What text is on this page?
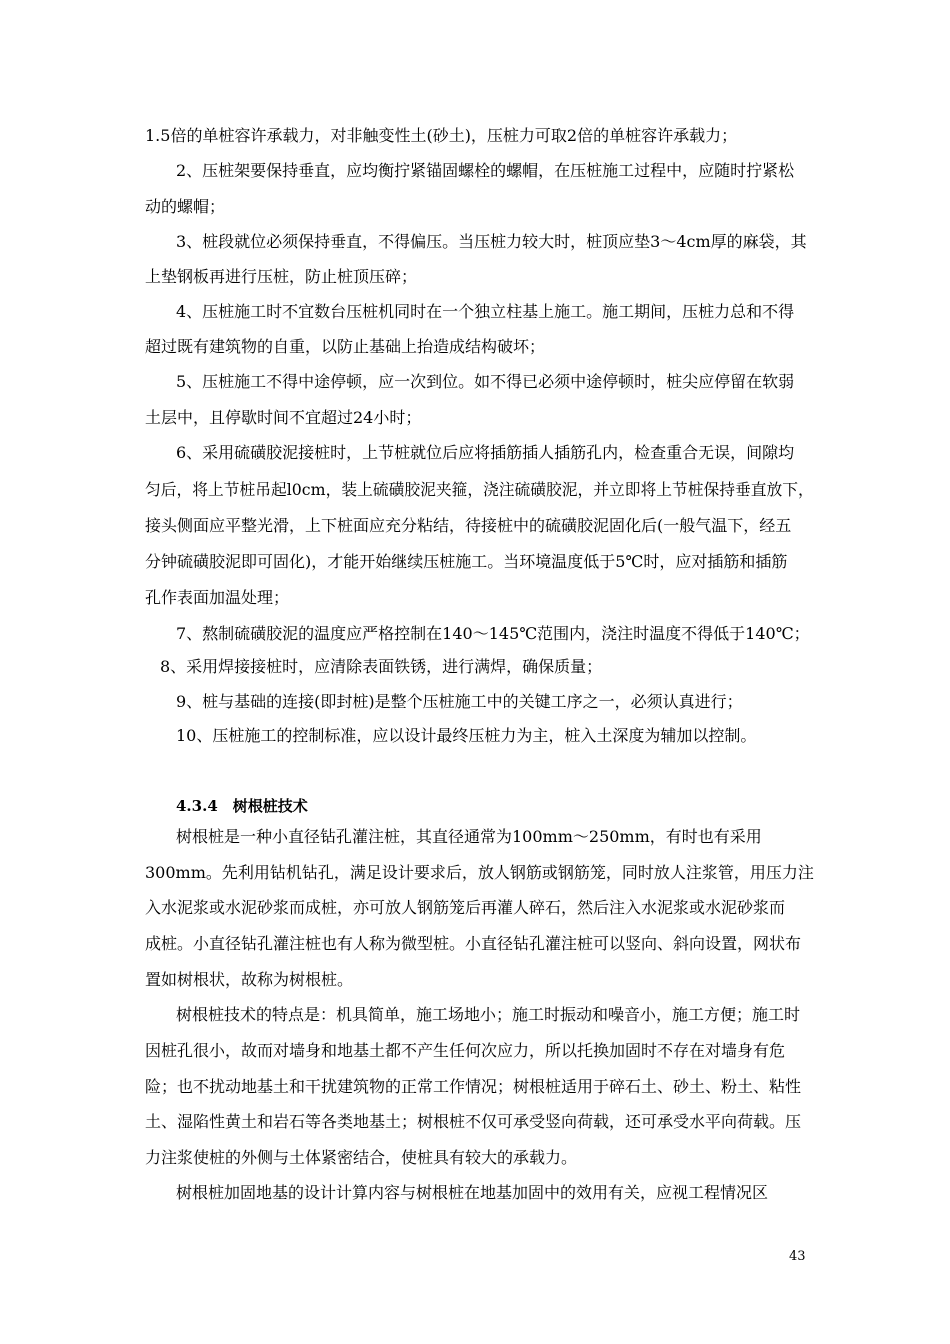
1.5倍的单桩容许承载力，对非触变性土(砂土)，压桩力可取2倍的单桩容许承载力；
2、压桩架要保持垂直，应均衡拧紧锚固螺栓的螺帽，在压桩施工过程中，应随时拧紧松
动的螺帽；
3、桩段就位必须保持垂直，不得偏压。当压桩力较大时，桩顶应垫3～4cm厚的麻袋，其
上垫钢板再进行压桩，防止桩顶压碎；
4、压桩施工时不宜数台压桩机同时在一个独立柱基上施工。施工期间，压桩力总和不得
超过既有建筑物的自重，以防止基础上抬造成结构破坏；
5、压桩施工不得中途停顿，应一次到位。如不得已必须中途停顿时，桩尖应停留在软弱
土层中，且停歇时间不宜超过24小时；
6、采用硫磺胶泥接桩时，上节桩就位后应将插筋插人插筋孔内，检查重合无误，间隙均
匀后，将上节桩吊起l0cm，装上硫磺胶泥夹箍，浇注硫磺胶泥，并立即将上节桩保持垂直放下，
接头侧面应平整光滑，上下桩面应充分粘结，待接桩中的硫磺胶泥固化后(一般气温下，经五
分钟硫磺胶泥即可固化)，才能开始继续压桩施工。当环境温度低于5℃时，应对插筋和插筋
孔作表面加温处理；
7、熬制硫磺胶泥的温度应严格控制在140～145℃范围内，浇注时温度不得低于140℃；
8、采用焊接接桩时，应清除表面铁锈，进行满焊，确保质量；
9、桩与基础的连接(即封桩)是整个压桩施工中的关键工序之一，必须认真进行；
10、压桩施工的控制标准，应以设计最终压桩力为主，桩入土深度为辅加以控制。
4.3.4　树根桩技术
树根桩是一种小直径钻孔灌注桩，其直径通常为100mm～250mm，有时也有采用
300mm。先利用钻机钻孔，满足设计要求后，放人钢筋或钢筋笼，同时放人注浆管，用压力注
入水泥浆或水泥砂浆而成桩，亦可放人钢筋笼后再灌人碎石，然后注入水泥浆或水泥砂浆而
成桩。小直径钻孔灌注桩也有人称为微型桩。小直径钻孔灌注桩可以竖向、斜向设置，网状布
置如树根状，故称为树根桩。
树根桩技术的特点是：机具简单，施工场地小；施工时振动和噪音小，施工方便；施工时
因桩孔很小，故而对墙身和地基土都不产生任何次应力，所以托换加固时不存在对墙身有危
险；也不扰动地基土和干扰建筑物的正常工作情况；树根桩适用于碎石土、砂土、粉土、粘性
土、湿陷性黄土和岩石等各类地基土；树根桩不仅可承受竖向荷载，还可承受水平向荷载。压
力注浆使桩的外侧与土体紧密结合，使桩具有较大的承载力。
树根桩加固地基的设计计算内容与树根桩在地基加固中的效用有关，应视工程情况区
43
